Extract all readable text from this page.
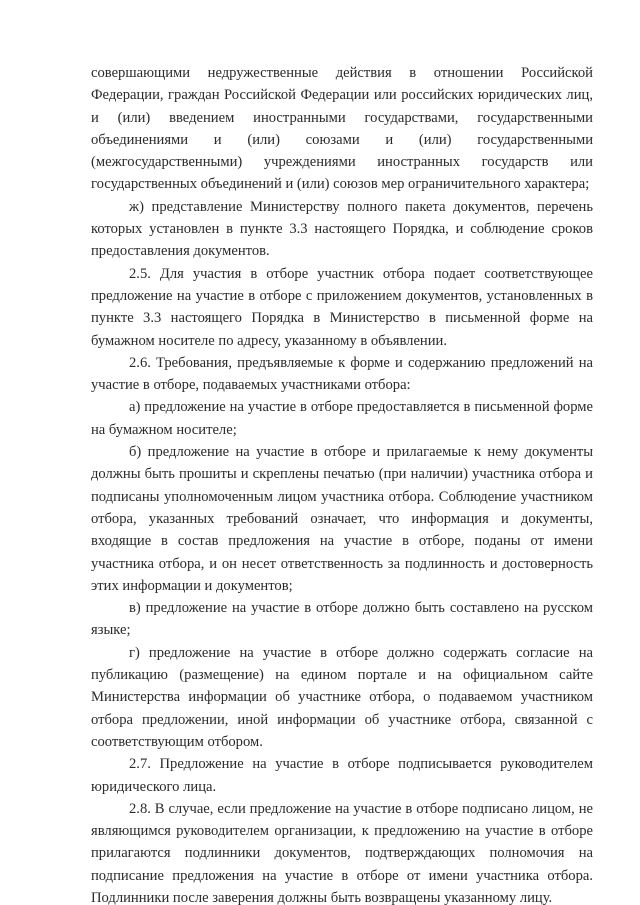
совершающими недружественные действия в отношении Российской Федерации, граждан Российской Федерации или российских юридических лиц, и (или) введением иностранными государствами, государственными объединениями и (или) союзами и (или) государственными (межгосударственными) учреждениями иностранных государств или государственных объединений и (или) союзов мер ограничительного характера;

ж) представление Министерству полного пакета документов, перечень которых установлен в пункте 3.3 настоящего Порядка, и соблюдение сроков предоставления документов.

2.5. Для участия в отборе участник отбора подает соответствующее предложение на участие в отборе с приложением документов, установленных в пункте 3.3 настоящего Порядка в Министерство в письменной форме на бумажном носителе по адресу, указанному в объявлении.

2.6. Требования, предъявляемые к форме и содержанию предложений на участие в отборе, подаваемых участниками отбора:

а) предложение на участие в отборе предоставляется в письменной форме на бумажном носителе;

б) предложение на участие в отборе и прилагаемые к нему документы должны быть прошиты и скреплены печатью (при наличии) участника отбора и подписаны уполномоченным лицом участника отбора. Соблюдение участником отбора, указанных требований означает, что информация и документы, входящие в состав предложения на участие в отборе, поданы от имени участника отбора, и он несет ответственность за подлинность и достоверность этих информации и документов;

в) предложение на участие в отборе должно быть составлено на русском языке;

г) предложение на участие в отборе должно содержать согласие на публикацию (размещение) на едином портале и на официальном сайте Министерства информации об участнике отбора, о подаваемом участником отбора предложении, иной информации об участнике отбора, связанной с соответствующим отбором.

2.7. Предложение на участие в отборе подписывается руководителем юридического лица.

2.8. В случае, если предложение на участие в отборе подписано лицом, не являющимся руководителем организации, к предложению на участие в отборе прилагаются подлинники документов, подтверждающих полномочия на подписание предложения на участие в отборе от имени участника отбора. Подлинники после заверения должны быть возвращены указанному лицу.
